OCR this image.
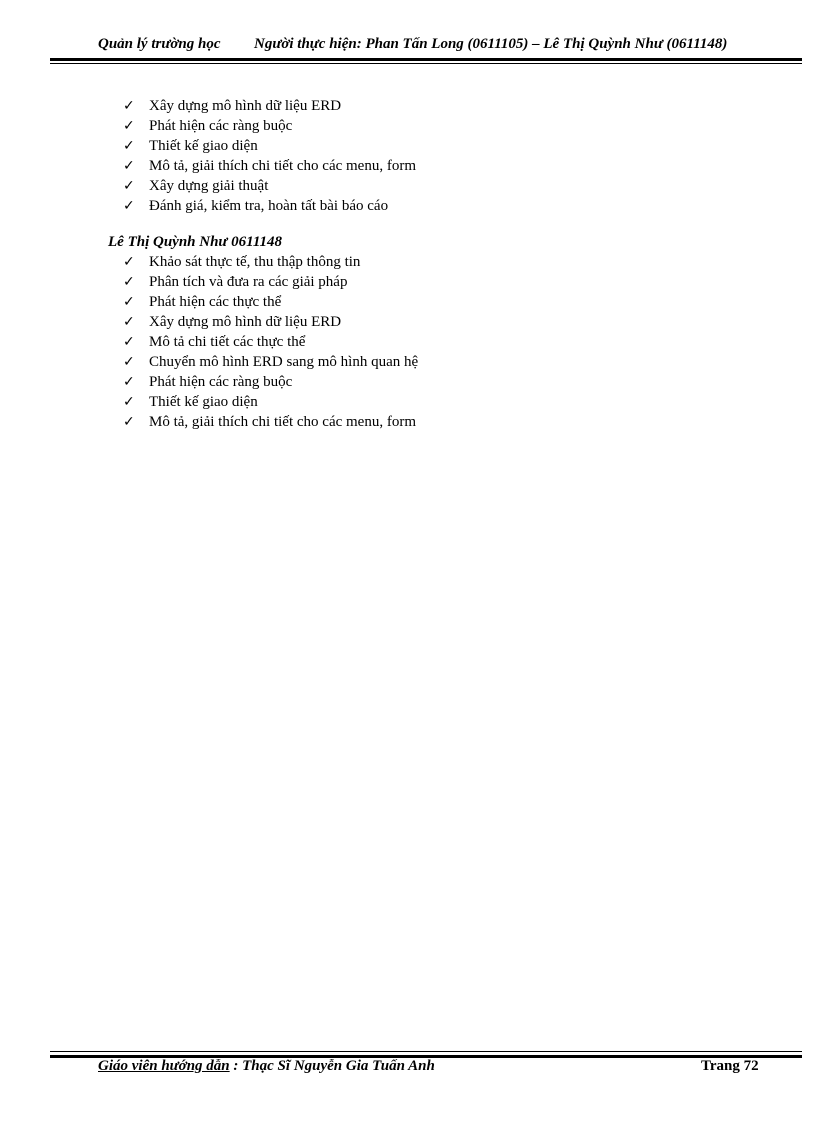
Quản lý trường học Người thực hiện: Phan Tấn Long (0611105) – Lê Thị Quỳnh Như (0611148)
✓ Xây dựng mô hình dữ liệu ERD
✓ Phát hiện các ràng buộc
✓ Thiết kế giao diện
✓ Mô tả, giải thích chi tiết cho các menu, form
✓ Xây dựng giải thuật
✓ Đánh giá, kiểm tra, hoàn tất bài báo cáo
Lê Thị Quỳnh Như 0611148
✓ Khảo sát thực tế, thu thập thông tin
✓ Phân tích và đưa ra các giải pháp
✓ Phát hiện các thực thể
✓ Xây dựng mô hình dữ liệu ERD
✓ Mô tả chi tiết các thực thể
✓ Chuyển mô hình ERD sang mô hình quan hệ
✓ Phát hiện các ràng buộc
✓ Thiết kế giao diện
✓ Mô tả, giải thích chi tiết cho các menu, form
Giáo viên hướng dẫn : Thạc Sĩ Nguyễn Gia Tuấn Anh	Trang 72
